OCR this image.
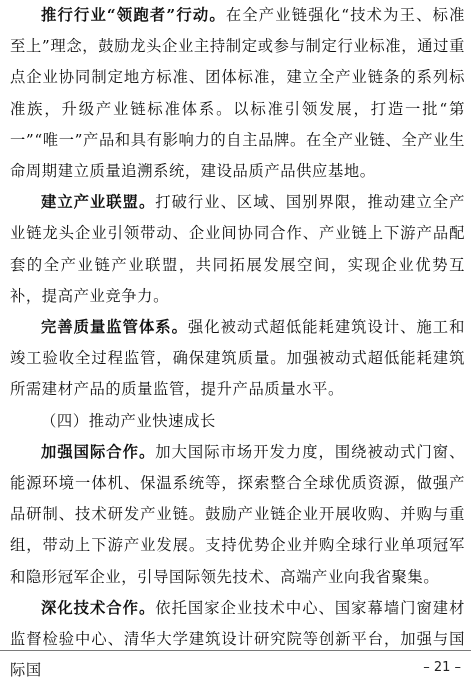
推行行业“领跑者”行动。在全产业链强化“技术为王、标准至上”理念，鼓励龙头企业主持制定或参与制定行业标准，通过重点企业协同制定地方标准、团体标准，建立全产业链条的系列标准族，升级产业链标准体系。以标准引领发展，打造一批“第一”“唯一”产品和具有影响力的自主品牌。在全产业链、全产业生命周期建立质量追溯系统，建设品质产品供应基地。

建立产业联盟。打破行业、区域、国别界限，推动建立全产业链龙头企业引领带动、企业间协同合作、产业链上下游产品配套的全产业链产业联盟，共同拓展发展空间，实现企业优势互补，提高产业竞争力。

完善质量监管体系。强化被动式超低能耗建筑设计、施工和竣工验收全过程监管，确保建筑质量。加强被动式超低能耗建筑所需建材产品的质量监管，提升产品质量水平。

（四）推动产业快速成长

加强国际合作。加大国际市场开发力度，围绕被动式门窗、能源环境一体机、保温系统等，探索整合全球优质资源，做强产品研制、技术研发产业链。鼓励产业链企业开展收购、并购与重组，带动上下游产业发展。支持优势企业并购全球行业单项冠军和隐形冠军企业，引导国际领先技术、高端产业向我省聚集。

深化技术合作。依托国家企业技术中心、国家幕墙门窗建材监督检验中心、清华大学建筑设计研究院等创新平台，加强与国际国	– 21 –
